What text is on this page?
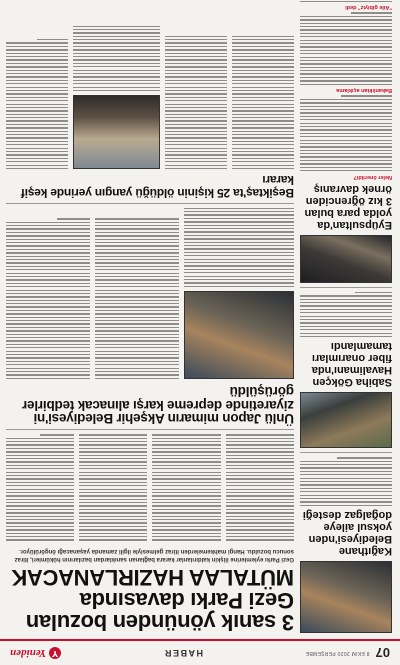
07
8 EKIM 2020 PERŞEMBE
HABER
Y
Yeniden

Kağıthane Belediyesi'nden yoksul aileye doğalgaz desteği

Sabiha Gökçen Havalimanı'nda fiber onarımları tamamlandı

Eyüpsultan'da yolda para bulan 3 kız öğrenciden örnek davranış

Neler önerildi?

Bakanlıktan açıklama

"Aile gibiyiz" dedi

3 sanık yönünden bozulan Gezi Parkı davasında MÜTALAA HAZIRLANACAK

Gezi Parkı eylemlerine ilişkin kaldırılanlar karara bağlanan sanıklardan bazılarının hükümleri, itiraz sonucu bozuldu. Hangi mahkemelerden itiraz gelmesiyle ilgili zamanda yaşanacağı öngörülüyor.

Ünlü Japon mimarın Akşehir Belediyesi'ni ziyaretinde depreme karşı alınacak tedbirler görüşüldü
Beşiktaş'ta 25 kişinin öldüğü yangın yerinde keşif kararı
